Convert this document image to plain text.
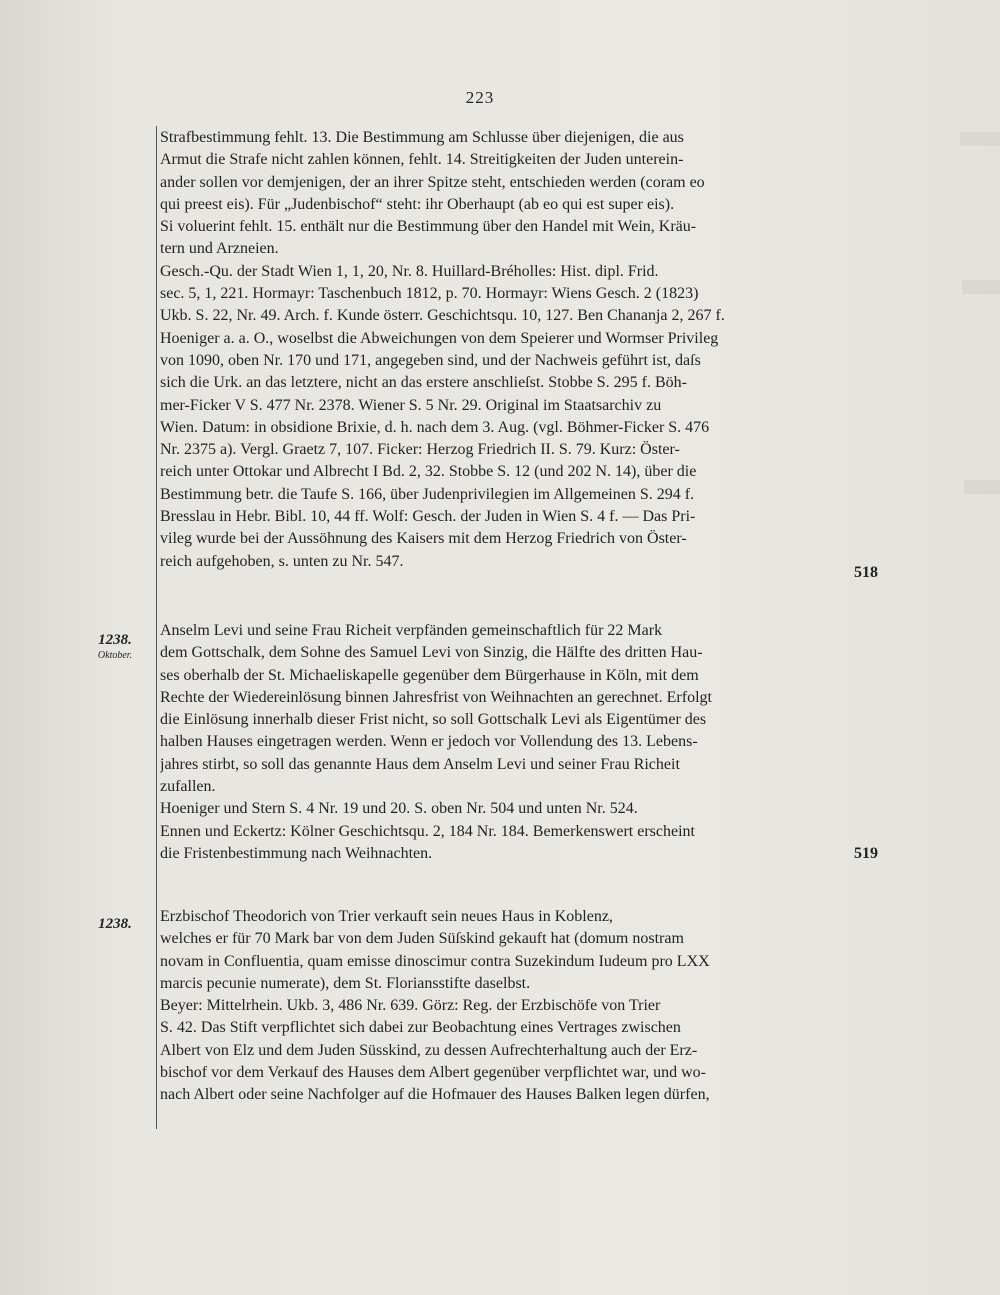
223
Strafbestimmung fehlt. 13. Die Bestimmung am Schlusse über diejenigen, die aus
Armut die Strafe nicht zahlen können, fehlt. 14. Streitigkeiten der Juden unterein-
ander sollen vor demjenigen, der an ihrer Spitze steht, entschieden werden (coram eo
qui preest eis). Für „Judenbischof“ steht: ihr Oberhaupt (ab eo qui est super eis).
Si voluerint fehlt. 15. enthält nur die Bestimmung über den Handel mit Wein, Kräu-
tern und Arzneien.
Gesch.-Qu. der Stadt Wien 1, 1, 20, Nr. 8. Huillard-Bréholles: Hist. dipl. Frid.
sec. 5, 1, 221. Hormayr: Taschenbuch 1812, p. 70. Hormayr: Wiens Gesch. 2 (1823)
Ukb. S. 22, Nr. 49. Arch. f. Kunde österr. Geschichtsqu. 10, 127. Ben Chananja 2, 267 f.
Hoeniger a. a. O., woselbst die Abweichungen von dem Speierer und Wormser Privileg
von 1090, oben Nr. 170 und 171, angegeben sind, und der Nachweis geführt ist, daſs
sich die Urk. an das letztere, nicht an das erstere anschlieſst. Stobbe S. 295 f. Böh-
mer-Ficker V S. 477 Nr. 2378. Wiener S. 5 Nr. 29. Original im Staatsarchiv zu
Wien. Datum: in obsidione Brixie, d. h. nach dem 3. Aug. (vgl. Böhmer-Ficker S. 476
Nr. 2375 a). Vergl. Graetz 7, 107. Ficker: Herzog Friedrich II. S. 79. Kurz: Öster-
reich unter Ottokar und Albrecht I Bd. 2, 32. Stobbe S. 12 (und 202 N. 14), über die
Bestimmung betr. die Taufe S. 166, über Judenprivilegien im Allgemeinen S. 294 f.
Bresslau in Hebr. Bibl. 10, 44 ff. Wolf: Gesch. der Juden in Wien S. 4 f. — Das Pri-
vileg wurde bei der Aussöhnung des Kaisers mit dem Herzog Friedrich von Öster-
reich aufgehoben, s. unten zu Nr. 547.
518
1238.
Oktober.
Anselm Levi und seine Frau Richeit verpfänden gemeinschaftlich für 22 Mark
dem Gottschalk, dem Sohne des Samuel Levi von Sinzig, die Hälfte des dritten Hau-
ses oberhalb der St. Michaeliskapelle gegenüber dem Bürgerhause in Köln, mit dem
Rechte der Wiedereinlösung binnen Jahresfrist von Weihnachten an gerechnet. Erfolgt
die Einlösung innerhalb dieser Frist nicht, so soll Gottschalk Levi als Eigentümer des
halben Hauses eingetragen werden. Wenn er jedoch vor Vollendung des 13. Lebens-
jahres stirbt, so soll das genannte Haus dem Anselm Levi und seiner Frau Richeit
zufallen.
Hoeniger und Stern S. 4 Nr. 19 und 20. S. oben Nr. 504 und unten Nr. 524.
Ennen und Eckertz: Kölner Geschichtsqu. 2, 184 Nr. 184. Bemerkenswert erscheint
die Fristenbestimmung nach Weihnachten.	519
1238.	Erzbischof Theodorich von Trier verkauft sein neues Haus in Koblenz,
welches er für 70 Mark bar von dem Juden Süſskind gekauft hat (domum nostram
novam in Confluentia, quam emisse dinoscimur contra Suzekindum Iudeum pro LXX
marcis pecunie numerate), dem St. Floriansstifte daselbst.
Beyer: Mittelrhein. Ukb. 3, 486 Nr. 639. Görz: Reg. der Erzbischöfe von Trier
S. 42. Das Stift verpflichtet sich dabei zur Beobachtung eines Vertrages zwischen
Albert von Elz und dem Juden Süsskind, zu dessen Aufrechterhaltung auch der Erz-
bischof vor dem Verkauf des Hauses dem Albert gegenüber verpflichtet war, und wo-
nach Albert oder seine Nachfolger auf die Hofmauer des Hauses Balken legen dürfen,
